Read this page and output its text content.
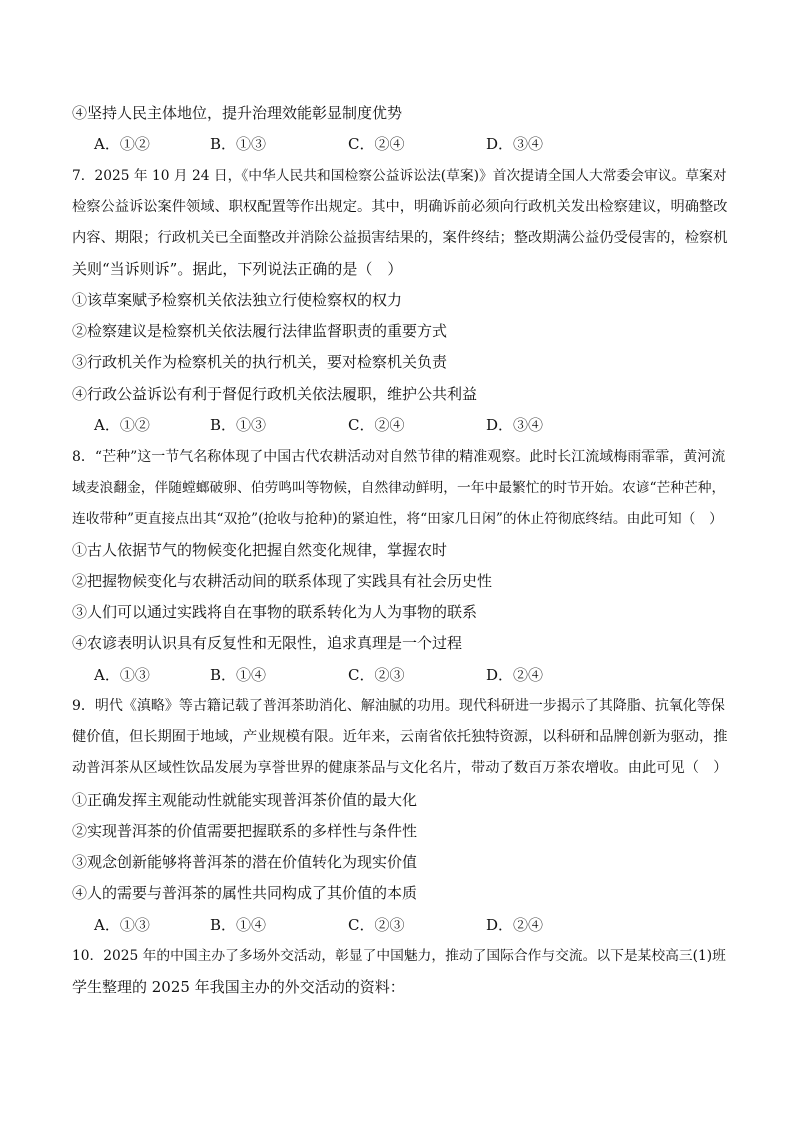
④坚持人民主体地位，提升治理效能彰显制度优势
A．①②	B．①③	C．②④	D．③④
7．2025 年 10 月 24 日，《中华人民共和国检察公益诉讼法(草案)》首次提请全国人大常委会审议。草案对
检察公益诉讼案件领域、职权配置等作出规定。其中，明确诉前必须向行政机关发出检察建议，明确整改
内容、期限；行政机关已全面整改并消除公益损害结果的，案件终结；整改期满公益仍受侵害的，检察机
关则“当诉则诉”。据此，下列说法正确的是（　）
①该草案赋予检察机关依法独立行使检察权的权力
②检察建议是检察机关依法履行法律监督职责的重要方式
③行政机关作为检察机关的执行机关，要对检察机关负责
④行政公益诉讼有利于督促行政机关依法履职，维护公共利益
A．①②	B．①③	C．②④	D．③④
8．“芒种”这一节气名称体现了中国古代农耕活动对自然节律的精准观察。此时长江流域梅雨霏霏，黄河流
域麦浪翻金，伴随螳螂破卵、伯劳鸣叫等物候，自然律动鲜明，一年中最繁忙的时节开始。农谚“芒种芒种，
连收带种”更直接点出其“双抢”(抢收与抢种)的紧迫性，将“田家几日闲”的休止符彻底终结。由此可知（　）
①古人依据节气的物候变化把握自然变化规律，掌握农时
②把握物候变化与农耕活动间的联系体现了实践具有社会历史性
③人们可以通过实践将自在事物的联系转化为人为事物的联系
④农谚表明认识具有反复性和无限性，追求真理是一个过程
A．①③	B．①④	C．②③	D．②④
9．明代《滇略》等古籍记载了普洱茶助消化、解油腻的功用。现代科研进一步揭示了其降脂、抗氧化等保
健价值，但长期囿于地域，产业规模有限。近年来，云南省依托独特资源，以科研和品牌创新为驱动，推
动普洱茶从区域性饮品发展为享誉世界的健康茶品与文化名片，带动了数百万茶农增收。由此可见（　）
①正确发挥主观能动性就能实现普洱茶价值的最大化
②实现普洱茶的价值需要把握联系的多样性与条件性
③观念创新能够将普洱茶的潜在价值转化为现实价值
④人的需要与普洱茶的属性共同构成了其价值的本质
A．①③	B．①④	C．②③	D．②④
10．2025 年的中国主办了多场外交活动，彰显了中国魅力，推动了国际合作与交流。以下是某校高三(1)班
学生整理的 2025 年我国主办的外交活动的资料：
